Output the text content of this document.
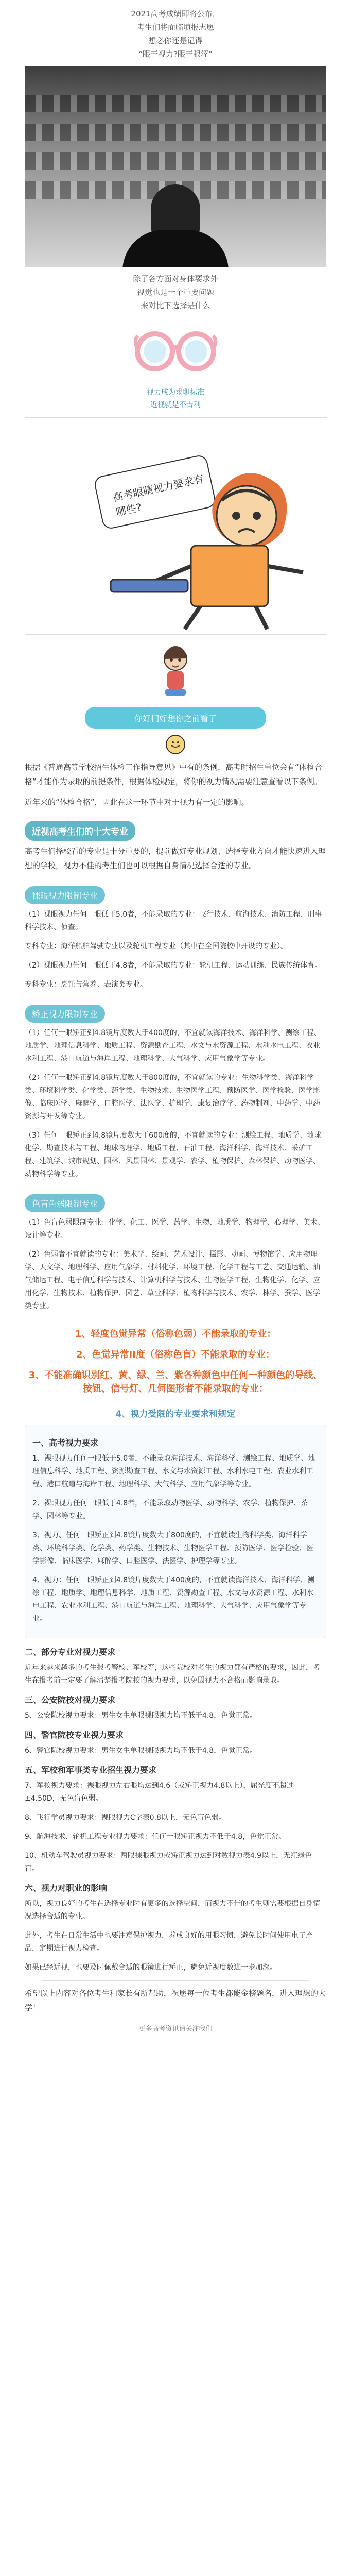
2021高考成绩即将公布，

考生们将面临填报志愿

想必你还是记得

“眼干视力?眼干眼涩”

除了各方面对身体要求外

视觉也是一个重要问题

来对比下选择是什么

视力成为求职标准
近视就是不吉利
高考眼睛视力要求有哪些?
你好们好想你之前看了

根据《普通高等学校招生体检工作指导意见》中有的条例，高考时招生单位会有“体检合格”才能作为录取的前提条件，根据体检规定，将你的视力情况需要注意查看以下条例。

近年来的“体检合格”，因此在这一环节中对于视力有一定的影响。

近视高考生们的十大专业

高考生们择校看的专业是十分重要的，提前做好专业规划、选择专业方向才能快速进入理想的学校，视力不佳的考生们也可以根据自身情况选择合适的专业。

裸眼视力限制专业

（1）裸眼视力任何一眼低于5.0者，不能录取的专业：飞行技术、航海技术、消防工程、刑事科学技术、侦查。

专科专业：海洋船舶驾驶专业以及轮机工程专业（其中在全国院校中开设的专业）。

（2）裸眼视力任何一眼低于4.8者，不能录取的专业：轮机工程、运动训练、民族传统体育。

专科专业：烹饪与营养、表演类专业。

矫正视力限制专业

（1）任何一眼矫正到4.8镜片度数大于400度的，不宜就读海洋技术、海洋科学、测绘工程、地质学、地理信息科学、地质工程、资源勘查工程、水文与水资源工程、水利水电工程、农业水利工程、港口航道与海岸工程、地理科学、大气科学、应用气象学等专业。

（2）任何一眼矫正到4.8镜片度数大于800度的，不宜就读的专业：生物科学类、海洋科学类、环境科学类、化学类、药学类、生物技术、生物医学工程、预防医学、医学检验、医学影像、临床医学、麻醉学、口腔医学、法医学、护理学、康复治疗学、药物制剂、中药学、中药资源与开发等专业。

（3）任何一眼矫正到4.8镜片度数大于600度的，不宜就读的专业：测绘工程、地质学、地球化学、勘查技术与工程、地球物理学、地质工程、石油工程、海洋科学、海洋技术、采矿工程、建筑学、城市规划、园林、风景园林、景观学、农学、植物保护、森林保护、动物医学、动物科学等专业。

色盲色弱限制专业

（1）色盲色弱限制专业：化学、化工、医学、药学、生物、地质学、物理学、心理学、美术、设计等专业。

（2）色弱者不宜就读的专业：美术学、绘画、艺术设计、摄影、动画、博物馆学、应用物理学、天文学、地理科学、应用气象学、材料化学、环境工程、化学工程与工艺、交通运输、油气储运工程、电子信息科学与技术、计算机科学与技术、生物医学工程、生物化学、化学、应用化学、生物技术、植物保护、园艺、草业科学、植物科学与技术、农学、林学、蚕学、医学类专业。

1、轻度色觉异常（俗称色弱）不能录取的专业：
2、色觉异常II度（俗称色盲）不能录取的专业：
3、不能准确识别红、黄、绿、兰、紫各种颜色中任何一种颜色的导线、按钮、信号灯、几何图形者不能录取的专业：
4、视力受限的专业要求和规定
一、高考视力要求

1、裸眼视力任何一眼低于5.0者，不能录取海洋技术、海洋科学、测绘工程、地质学、地理信息科学、地质工程、资源勘查工程、水文与水资源工程、水利水电工程、农业水利工程、港口航道与海岸工程、地理科学、大气科学、应用气象学等专业。

2、裸眼视力任何一眼低于4.8者，不能录取动物医学、动物科学、农学、植物保护、茶学、园林等专业。

3、视力、任何一眼矫正到4.8镜片度数大于800度的，不宜就读生物科学类、海洋科学类、环境科学类、化学类、药学类、生物技术、生物医学工程、预防医学、医学检验、医学影像、临床医学、麻醉学、口腔医学、法医学、护理学等专业。

4、视力：任何一眼矫正到4.8镜片度数大于400度的，不宜就读海洋技术、海洋科学、测绘工程、地质学、地理信息科学、地质工程、资源勘查工程、水文与水资源工程、水利水电工程、农业水利工程、港口航道与海岸工程、地理科学、大气科学、应用气象学等专业。

二、部分专业对视力要求

近年来越来越多的考生报考警校、军校等，这些院校对考生的视力都有严格的要求，因此，考生在报考前一定要了解清楚报考院校的视力要求，以免因视力不合格而影响录取。

三、公安院校对视力要求

5、公安院校视力要求：男生女生单眼裸眼视力均不低于4.8，色觉正常。

四、警官院校专业视力要求

6、警官院校视力要求：男生女生单眼裸眼视力均不低于4.8，色觉正常。

五、军校和军事类专业招生视力要求

7、军校视力要求：裸眼视力左右眼均达到4.6（或矫正视力4.8以上），屈光度不超过±4.50D，无色盲色弱。

8、飞行学员视力要求：裸眼视力C字表0.8以上，无色盲色弱。

9、航海技术、轮机工程专业视力要求：任何一眼矫正视力不低于4.8，色觉正常。

10、机动车驾驶员视力要求：两眼裸眼视力或矫正视力达到对数视力表4.9以上，无红绿色盲。

六、视力对职业的影响

所以，视力良好的考生在选择专业时有更多的选择空间，而视力不佳的考生则需要根据自身情况选择合适的专业。

此外，考生在日常生活中也要注意保护视力，养成良好的用眼习惯，避免长时间使用电子产品，定期进行视力检查。

如果已经近视，也要及时佩戴合适的眼镜进行矫正，避免近视度数进一步加深。

希望以上内容对各位考生和家长有所帮助，祝愿每一位考生都能金榜题名，进入理想的大学！

更多高考资讯请关注我们
